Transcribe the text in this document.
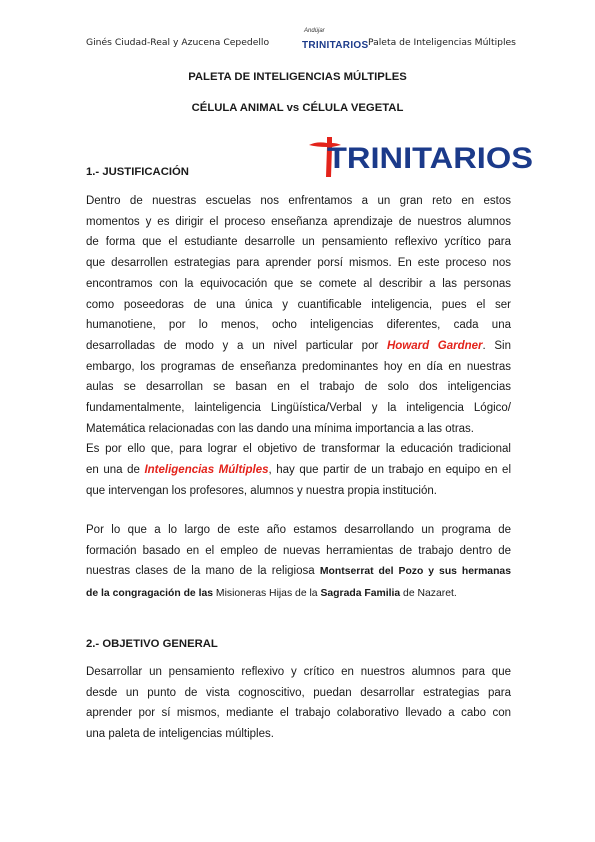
Ginés Ciudad-Real y Azucena Cepedello
Andújar
TRINITARIOS Paleta de Inteligencias Múltiples
PALETA DE INTELIGENCIAS MÚLTIPLES
CÉLULA ANIMAL vs CÉLULA VEGETAL
TRINITARIOS
1.- JUSTIFICACIÓN
Dentro de nuestras escuelas nos enfrentamos a un gran reto en estos
momentos y es dirigir el proceso enseñanza aprendizaje de nuestros alumnos
de forma que el estudiante desarrolle un pensamiento reflexivo ycrítico para
que desarrollen estrategias para aprender porsí mismos. En este proceso nos
encontramos con la equivocación que se comete al describir a las personas
como poseedoras de una única y cuantificable inteligencia, pues el ser
humanotiene, por lo menos, ocho inteligencias diferentes, cada una
desarrolladas de modo y a un nivel particular por Howard Gardner. Sin
embargo, los programas de enseñanza predominantes hoy en día en nuestras
aulas se desarrollan se basan en el trabajo de solo dos inteligencias
fundamentalmente, lainteligencia Lingüística/Verbal y la inteligencia Lógico/
Matemática relacionadas con las dando una mínima importancia a las otras.
Es por ello que, para lograr el objetivo de transformar la educación tradicional
en una de Inteligencias Múltiples, hay que partir de un trabajo en equipo en el
que intervengan los profesores, alumnos y nuestra propia institución.
Por lo que a lo largo de este año estamos desarrollando un programa de
formación basado en el empleo de nuevas herramientas de trabajo dentro de
nuestras clases de la mano de la religiosa Montserrat del Pozo y sus hermanas
de la congragación de las Misioneras Hijas de la Sagrada Familia de Nazaret.
2.- OBJETIVO GENERAL
Desarrollar un pensamiento reflexivo y crítico en nuestros alumnos para que
desde un punto de vista cognoscitivo, puedan desarrollar estrategias para
aprender por sí mismos, mediante el trabajo colaborativo llevado a cabo con
una paleta de inteligencias múltiples.
